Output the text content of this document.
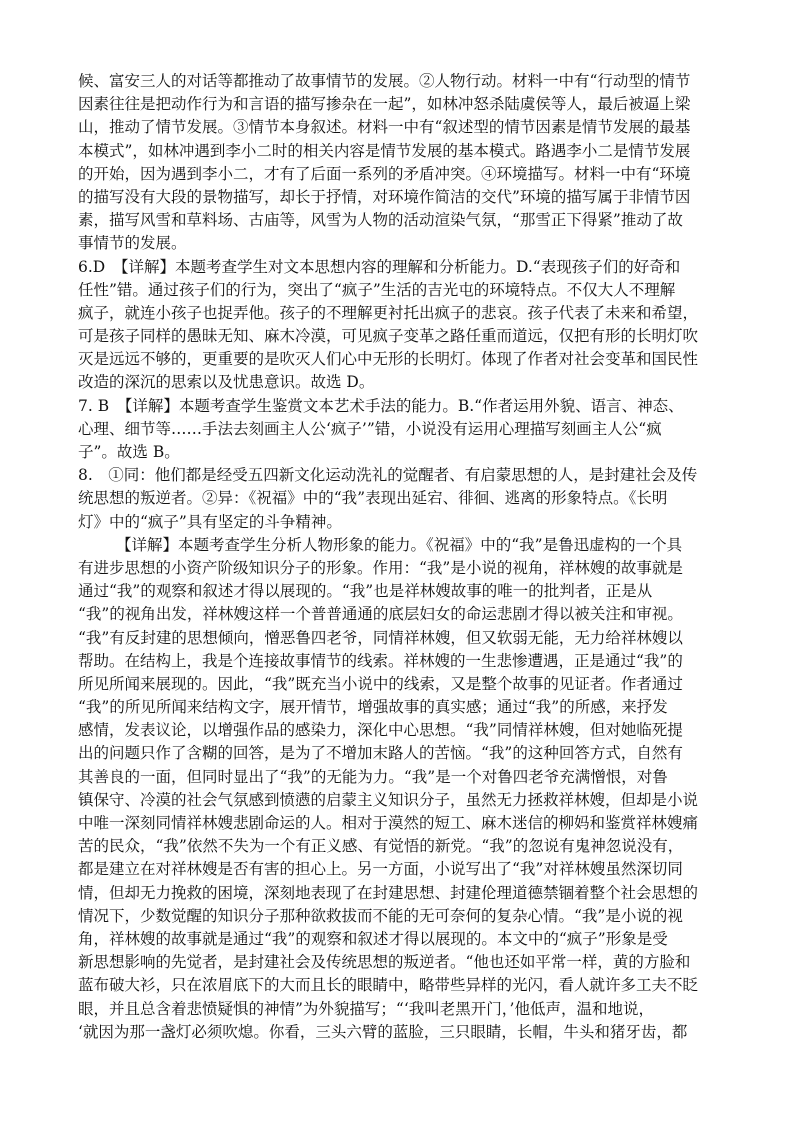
候、富安三人的对话等都推动了故事情节的发展。②人物行动。材料一中有“行动型的情节
因素往往是把动作行为和言语的描写掺杂在一起”，如林冲怒杀陆虞侯等人，最后被逼上梁
山，推动了情节发展。③情节本身叙述。材料一中有“叙述型的情节因素是情节发展的最基
本模式”，如林冲遇到李小二时的相关内容是情节发展的基本模式。路遇李小二是情节发展
的开始，因为遇到李小二，才有了后面一系列的矛盾冲突。④环境描写。材料一中有“环境
的描写没有大段的景物描写，却长于抒情，对环境作简洁的交代”环境的描写属于非情节因
素，描写风雪和草料场、古庙等，风雪为人物的活动渲染气氛，“那雪正下得紧”推动了故
事情节的发展。
6.D　【详解】本题考查学生对文本思想内容的理解和分析能力。D.“表现孩子们的好奇和
任性”错。通过孩子们的行为，突出了“疯子”生活的吉光屯的环境特点。不仅大人不理解
疯子，就连小孩子也捉弄他。孩子的不理解更衬托出疯子的悲哀。孩子代表了未来和希望，
可是孩子同样的愚昧无知、麻木冷漠，可见疯子变革之路任重而道远，仅把有形的长明灯吹
灭是远远不够的，更重要的是吹灭人们心中无形的长明灯。体现了作者对社会变革和国民性
改造的深沉的思索以及忧患意识。故选 D。
7. B　【详解】本题考查学生鉴赏文本艺术手法的能力。B.“作者运用外貌、语言、神态、
心理、细节等……手法去刻画主人公‘疯子’”错，小说没有运用心理描写刻画主人公“疯
子”。故选 B。
8.　①同：他们都是经受五四新文化运动洗礼的觉醒者、有启蒙思想的人，是封建社会及传
统思想的叛逆者。②异：《祝福》中的“我”表现出延宕、徘徊、逃离的形象特点。《长明
灯》中的“疯子”具有坚定的斗争精神。
【详解】本题考查学生分析人物形象的能力。《祝福》中的“我”是鲁迅虚构的一个具
有进步思想的小资产阶级知识分子的形象。作用：“我”是小说的视角，祥林嫂的故事就是
通过“我”的观察和叙述才得以展现的。“我”也是祥林嫂故事的唯一的批判者，正是从
“我”的视角出发，祥林嫂这样一个普普通通的底层妇女的命运悲剧才得以被关注和审视。
“我”有反封建的思想倾向，憎恶鲁四老爷，同情祥林嫂，但又软弱无能，无力给祥林嫂以
帮助。在结构上，我是个连接故事情节的线索。祥林嫂的一生悲惨遭遇，正是通过“我”的
所见所闻来展现的。因此，“我”既充当小说中的线索，又是整个故事的见证者。作者通过
“我”的所见所闻来结构文字，展开情节，增强故事的真实感；通过“我”的所感，来抒发
感情，发表议论，以增强作品的感染力，深化中心思想。“我”同情祥林嫂，但对她临死提
出的问题只作了含糊的回答，是为了不增加末路人的苦恼。“我”的这种回答方式，自然有
其善良的一面，但同时显出了“我”的无能为力。“我”是一个对鲁四老爷充满憎恨，对鲁
镇保守、冷漠的社会气氛感到愤懑的启蒙主义知识分子，虽然无力拯救祥林嫂，但却是小说
中唯一深刻同情祥林嫂悲剧命运的人。相对于漠然的短工、麻木迷信的柳妈和鉴赏祥林嫂痛
苦的民众，“我”依然不失为一个有正义感、有觉悟的新党。“我”的忽说有鬼神忽说没有，
都是建立在对祥林嫂是否有害的担心上。另一方面，小说写出了“我”对祥林嫂虽然深切同
情，但却无力挽救的困境，深刻地表现了在封建思想、封建伦理道德禁锢着整个社会思想的
情况下，少数觉醒的知识分子那种欲救拔而不能的无可奈何的复杂心情。“我”是小说的视
角，祥林嫂的故事就是通过“我”的观察和叙述才得以展现的。本文中的“疯子”形象是受
新思想影响的先觉者，是封建社会及传统思想的叛逆者。“他也还如平常一样，黄的方脸和
蓝布破大衫，只在浓眉底下的大而且长的眼睛中，略带些异样的光闪，看人就许多工夫不眨
眼，并且总含着悲愤疑惧的神情”为外貌描写；“‘我叫老黑开门，’他低声，温和地说，
‘就因为那一盏灯必须吹熄。你看，三头六臂的蓝脸，三只眼睛，长帽，牛头和猪牙齿，都
